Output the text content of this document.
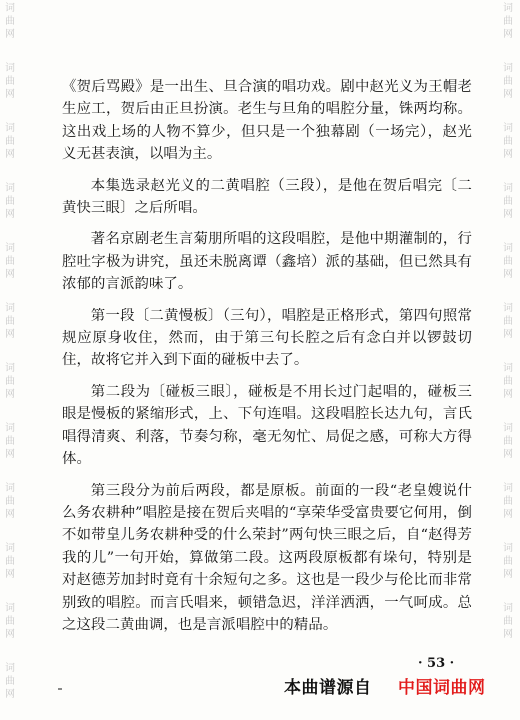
词曲网
词曲网
词曲网
词曲网
词曲网
词曲网
词曲网
词曲网
词曲网
词曲网
词曲网
词曲网
词曲网
词曲网
词曲网
词曲网
词曲网
词曲网
词曲网
词曲网
词曲网
词曲网
词曲网

《贺后骂殿》是一出生、旦合演的唱功戏。剧中赵光义为王帽老生应工，贺后由正旦扮演。老生与旦角的唱腔分量，铢两均称。这出戏上场的人物不算少，但只是一个独幕剧（一场完），赵光义无甚表演，以唱为主。

本集选录赵光义的二黄唱腔（三段），是他在贺后唱完〔二黄快三眼〕之后所唱。

著名京剧老生言菊朋所唱的这段唱腔，是他中期灌制的，行腔吐字极为讲究，虽还未脱离谭（鑫培）派的基础，但已然具有浓郁的言派韵味了。

第一段〔二黄慢板〕（三句），唱腔是正格形式，第四句照常规应原身收住，然而，由于第三句长腔之后有念白并以锣鼓切住，故将它并入到下面的碰板中去了。

第二段为〔碰板三眼〕，碰板是不用长过门起唱的，碰板三眼是慢板的紧缩形式，上、下句连唱。这段唱腔长达九句，言氏唱得清爽、利落，节奏匀称，毫无匆忙、局促之感，可称大方得体。

第三段分为前后两段，都是原板。前面的一段“老皇嫂说什么务农耕种”唱腔是接在贺后夹唱的“享荣华受富贵要它何用，倒不如带皇儿务农耕种受的什么荣封”两句快三眼之后，自“赵得芳我的儿”一句开始，算做第二段。这两段原板都有垛句，特别是对赵德芳加封时竟有十余短句之多。这也是一段少与伦比而非常别致的唱腔。而言氏唱来，顿错急迟，洋洋洒洒，一气呵成。总之这段二黄曲调，也是言派唱腔中的精品。

· 53 ·
本曲谱源自 中国词曲网
